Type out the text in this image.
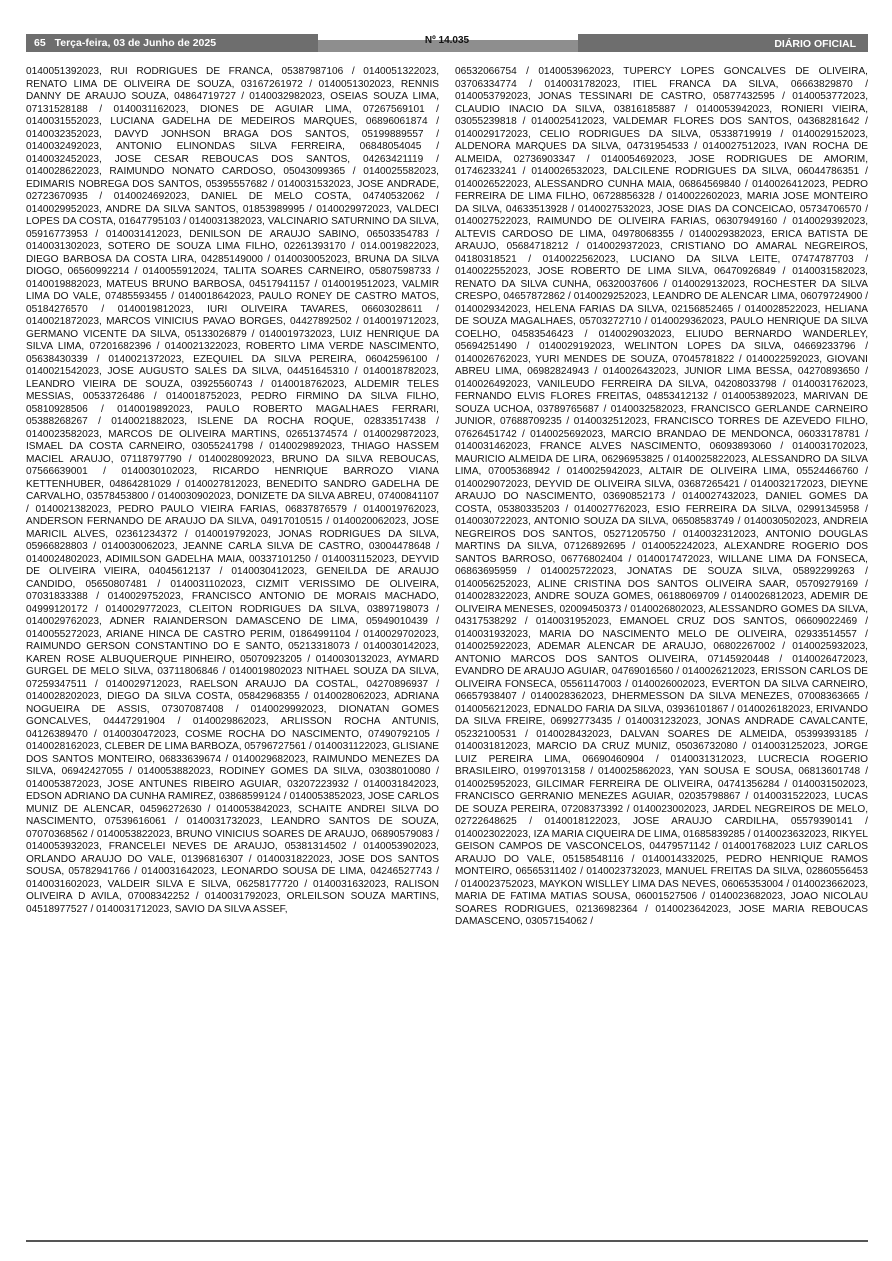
65 Terça-feira, 03 de Junho de 2025	Nº 14.035	DIÁRIO OFICIAL

0140051392023, RUI RODRIGUES DE FRANCA, 05387987106 / 0140051322023, RENATO LIMA DE OLIVEIRA DE SOUZA, 03167261972 / 0140051302023, RENNIS DANNY DE ARAUJO SOUZA, 04864719727 / 0140032982023, OSEIAS SOUZA LIMA, 07131528188 / 0140031162023, DIONES DE AGUIAR LIMA, 07267569101 / 0140031552023, LUCIANA GADELHA DE MEDEIROS MARQUES, 06896061874 / 0140032352023, DAVYD JONHSON BRAGA DOS SANTOS, 05199889557 / 0140032492023, ANTONIO ELINONDAS SILVA FERREIRA, 06848054045 / 0140032452023, JOSE CESAR REBOUCAS DOS SANTOS, 04263421119 / 0140028622023, RAIMUNDO NONATO CARDOSO, 05043099365 / 0140025582023, EDIMARIS NOBREGA DOS SANTOS, 05395557682 / 0140031532023, JOSE ANDRADE, 02723670935 / 0140024692023, DANIEL DE MELO COSTA, 04740532062 / 0140029952023, ANDRE DA SILVA SANTOS, 01853989995 / 0140029972023, VALDECI LOPES DA COSTA, 01647795103 / 0140031382023, VALCINARIO SATURNINO DA SILVA, 05916773953 / 0140031412023, DENILSON DE ARAUJO SABINO, 06503354783 / 0140031302023, SOTERO DE SOUZA LIMA FILHO, 02261393170 / 014.0019822023, DIEGO BARBOSA DA COSTA LIRA, 04285149000 / 0140030052023, BRUNA DA SILVA DIOGO, 06560992214 / 0140055912024, TALITA SOARES CARNEIRO, 05807598733 / 0140019882023, MATEUS BRUNO BARBOSA, 04517941157 / 0140019512023, VALMIR LIMA DO VALE, 07485593455 / 0140018642023, PAULO RONEY DE CASTRO MATOS, 05184276570 / 0140019812023, IURI OLIVEIRA TAVARES, 06603028611 / 0140021872023, MARCOS VINICIUS PAVAO BORGES, 04427892502 / 0140019712023, GERMANO VICENTE DA SILVA, 05133026879 / 0140019732023, LUIZ HENRIQUE DA SILVA LIMA, 07201682396 / 0140021322023, ROBERTO LIMA VERDE NASCIMENTO, 05638430339 / 0140021372023, EZEQUIEL DA SILVA PEREIRA, 06042596100 / 0140021542023, JOSE AUGUSTO SALES DA SILVA, 04451645310 / 0140018782023, LEANDRO VIEIRA DE SOUZA, 03925560743 / 0140018762023, ALDEMIR TELES MESSIAS, 00533726486 / 0140018752023, PEDRO FIRMINO DA SILVA FILHO, 05810928506 / 0140019892023, PAULO ROBERTO MAGALHAES FERRARI, 05388268267 / 0140021882023, ISLENE DA ROCHA ROQUE, 02833517438 / 0140023582023, MARCOS DE OLIVEIRA MARTINS, 02651374574 / 0140029872023, ISMAEL DA COSTA CARNEIRO, 03055241798 / 0140029892023, THIAGO HASSEM MACIEL ARAUJO, 07118797790 / 0140028092023, BRUNO DA SILVA REBOUCAS, 07566639001 / 0140030102023, RICARDO HENRIQUE BARROZO VIANA KETTENHUBER, 04864281029 / 0140027812023, BENEDITO SANDRO GADELHA DE CARVALHO, 03578453800 / 0140030902023, DONIZETE DA SILVA ABREU, 07400841107 / 0140021382023, PEDRO PAULO VIEIRA FARIAS, 06837876579 / 0140019762023, ANDERSON FERNANDO DE ARAUJO DA SILVA, 04917010515 / 0140020062023, JOSE MARICIL ALVES, 02361234372 / 0140019792023, JONAS RODRIGUES DA SILVA, 05966828803 / 0140030062023, JEANNE CARLA SILVA DE CASTRO, 03004478648 / 0140024802023, ADIMILSON GADELHA MAIA, 00337101250 / 0140031152023, DEYVID DE OLIVEIRA VIEIRA, 04045612137 / 0140030412023, GENEILDA DE ARAUJO CANDIDO, 05650807481 / 0140031102023, CIZMIT VERISSIMO DE OLIVEIRA, 07031833388 / 0140029752023, FRANCISCO ANTONIO DE MORAIS MACHADO, 04999120172 / 0140029772023, CLEITON RODRIGUES DA SILVA, 03897198073 / 0140029762023, ADNER RAIANDERSON DAMASCENO DE LIMA, 05949010439 / 0140055272023, ARIANE HINCA DE CASTRO PERIM, 01864991104 / 0140029702023, RAIMUNDO GERSON CONSTANTINO DO E SANTO, 05213318073 / 0140030142023, KAREN ROSE ALBUQUERQUE PINHEIRO, 05070923205 / 0140030132023, AYMARD GURGEL DE MELO SILVA, 03711806846 / 0140019802023 NITHAEL SOUZA DA SILVA, 07259347511 / 0140029712023, RAELSON ARAUJO DA COSTAL, 04270896937 / 0140028202023, DIEGO DA SILVA COSTA, 05842968355 / 0140028062023, ADRIANA NOGUEIRA DE ASSIS, 07307087408 / 0140029992023, DIONATAN GOMES GONCALVES, 04447291904 / 0140029862023, ARLISSON ROCHA ANTUNIS, 04126389470 / 0140030472023, COSME ROCHA DO NASCIMENTO, 07490792105 / 0140028162023, CLEBER DE LIMA BARBOZA, 05796727561 / 0140031122023, GLISIANE DOS SANTOS MONTEIRO, 06833639674 / 0140029682023, RAIMUNDO MENEZES DA SILVA, 06942427055 / 0140053882023, RODINEY GOMES DA SILVA, 03038010080 / 0140053872023, JOSE ANTUNES RIBEIRO AGUIAR, 03207223932 / 0140031842023, EDSON ADRIANO DA CUNHA RAMIREZ, 03868599124 / 0140053852023, JOSE CARLOS MUNIZ DE ALENCAR, 04596272630 / 0140053842023, SCHAITE ANDREI SILVA DO NASCIMENTO, 07539616061 / 0140031732023, LEANDRO SANTOS DE SOUZA, 07070368562 / 0140053822023, BRUNO VINICIUS SOARES DE ARAUJO, 06890579083 / 0140053932023, FRANCELEI NEVES DE ARAUJO, 05381314502 / 0140053902023, ORLANDO ARAUJO DO VALE, 01396816307 / 0140031822023, JOSE DOS SANTOS SOUSA, 05782941766 / 0140031642023, LEONARDO SOUSA DE LIMA, 04246527743 / 0140031602023, VALDEIR SILVA E SILVA, 06258177720 / 0140031632023, RALISON OLIVEIRA D AVILA, 07008342252 / 0140031792023, ORLEILSON SOUZA MARTINS, 04518977527 / 0140031712023, SAVIO DA SILVA ASSEF,

06532066754 / 0140053962023, TUPERCY LOPES GONCALVES DE OLIVEIRA, 03706334774 / 0140031782023, ITIEL FRANCA DA SILVA, 06663829870 / 0140053792023, JONAS TESSINARI DE CASTRO, 05877432595 / 0140053772023, CLAUDIO INACIO DA SILVA, 03816185887 / 0140053942023, RONIERI VIEIRA, 03055239818 / 0140025412023, VALDEMAR FLORES DOS SANTOS, 04368281642 / 0140029172023, CELIO RODRIGUES DA SILVA, 05338719919 / 0140029152023, ALDENORA MARQUES DA SILVA, 04731954533 / 0140027512023, IVAN ROCHA DE ALMEIDA, 02736903347 / 0140054692023, JOSE RODRIGUES DE AMORIM, 01746233241 / 0140026532023, DALCILENE RODRIGUES DA SILVA, 06044786351 / 0140026522023, ALESSANDRO CUNHA MAIA, 06864569840 / 0140026412023, PEDRO FERREIRA DE LIMA FILHO, 06728856328 / 0140022602023, MARIA JOSE MONTEIRO DA SILVA, 04633513928 / 0140027532023, JOSE DIAS DA CONCEICAO, 05734706570 / 0140027522023, RAIMUNDO DE OLIVEIRA FARIAS, 06307949160 / 0140029392023, ALTEVIS CARDOSO DE LIMA, 04978068355 / 0140029382023, ERICA BATISTA DE ARAUJO, 05684718212 / 0140029372023, CRISTIANO DO AMARAL NEGREIROS, 04180318521 / 0140022562023, LUCIANO DA SILVA LEITE, 07474787703 / 0140022552023, JOSE ROBERTO DE LIMA SILVA, 06470926849 / 0140031582023, RENATO DA SILVA CUNHA, 06320037606 / 0140029132023, ROCHESTER DA SILVA CRESPO, 04657872862 / 0140029252023, LEANDRO DE ALENCAR LIMA, 06079724900 / 0140029342023, HELENA FARIAS DA SILVA, 02156852465 / 0140028522023, HELIANA DE SOUZA MAGALHAES, 05703272710 / 0140029362023, PAULO HENRIQUE DA SILVA COELHO, 04583546423 / 0140029032023, ELIUDO BERNARDO WANDERLEY, 05694251490 / 0140029192023, WELINTON LOPES DA SILVA, 04669233796 / 0140026762023, YURI MENDES DE SOUZA, 07045781822 / 0140022592023, GIOVANI ABREU LIMA, 06982824943 / 0140026432023, JUNIOR LIMA BESSA, 04270893650 / 0140026492023, VANILEUDO FERREIRA DA SILVA, 04208033798 / 0140031762023, FERNANDO ELVIS FLORES FREITAS, 04853412132 / 0140053892023, MARIVAN DE SOUZA UCHOA, 03789765687 / 0140032582023, FRANCISCO GERLANDE CARNEIRO JUNIOR, 07688709235 / 0140032512023, FRANCISCO TORRES DE AZEVEDO FILHO, 07626451742 / 0140025692023, MARCIO BRANDAO DE MENDONCA, 06033178781 / 0140031462023, FRANCE ALVES NASCIMENTO, 06093893060 / 0140031702023, MAURICIO ALMEIDA DE LIRA, 06296953825 / 0140025822023, ALESSANDRO DA SILVA LIMA, 07005368942 / 0140025942023, ALTAIR DE OLIVEIRA LIMA, 05524466760 / 0140029072023, DEYVID DE OLIVEIRA SILVA, 03687265421 / 0140032172023, DIEYNE ARAUJO DO NASCIMENTO, 03690852173 / 0140027432023, DANIEL GOMES DA COSTA, 05380335203 / 0140027762023, ESIO FERREIRA DA SILVA, 02991345958 / 0140030722023, ANTONIO SOUZA DA SILVA, 06508583749 / 0140030502023, ANDREIA NEGREIROS DOS SANTOS, 05271205750 / 0140032312023, ANTONIO DOUGLAS MARTINS DA SILVA, 07126892695 / 0140052242023, ALEXANDRE ROGERIO DOS SANTOS BARROSO, 06776802404 / 0140017472023, WILLANE LIMA DA FONSECA, 06863695959 / 0140025722023, JONATAS DE SOUZA SILVA, 05892299263 / 0140056252023, ALINE CRISTINA DOS SANTOS OLIVEIRA SAAR, 05709279169 / 0140028322023, ANDRE SOUZA GOMES, 06188069709 / 0140026812023, ADEMIR DE OLIVEIRA MENESES, 02009450373 / 0140026802023, ALESSANDRO GOMES DA SILVA, 04317538292 / 0140031952023, EMANOEL CRUZ DOS SANTOS, 06609022469 / 0140031932023, MARIA DO NASCIMENTO MELO DE OLIVEIRA, 02933514557 / 0140025922023, ADEMAR ALENCAR DE ARAUJO, 06802267002 / 0140025932023, ANTONIO MARCOS DOS SANTOS OLIVEIRA, 07145920448 / 0140026472023, EVANDRO DE ARAUJO AGUIAR, 04769016560 / 0140026212023, ERISSON CARLOS DE OLIVEIRA FONSECA, 05561147003 / 0140026002023, EVERTON DA SILVA CARNEIRO, 06657938407 / 0140028362023, DHERMESSON DA SILVA MENEZES, 07008363665 / 0140056212023, EDNALDO FARIA DA SILVA, 03936101867 / 0140026182023, ERIVANDO DA SILVA FREIRE, 06992773435 / 0140031232023, JONAS ANDRADE CAVALCANTE, 05232100531 / 0140028432023, DALVAN SOARES DE ALMEIDA, 05399393185 / 0140031812023, MARCIO DA CRUZ MUNIZ, 05036732080 / 0140031252023, JORGE LUIZ PEREIRA LIMA, 06690460904 / 0140031312023, LUCRECIA ROGERIO BRASILEIRO, 01997013158 / 0140025862023, YAN SOUSA E SOUSA, 06813601748 / 0140025952023, GILCIMAR FERREIRA DE OLIVEIRA, 04741356284 / 0140031502023, FRANCISCO GERRANIO MENEZES AGUIAR, 02035798867 / 0140031522023, LUCAS DE SOUZA PEREIRA, 07208373392 / 0140023002023, JARDEL NEGREIROS DE MELO, 02722648625 / 0140018122023, JOSE ARAUJO CARDILHA, 05579390141 / 0140023022023, IZA MARIA CIQUEIRA DE LIMA, 01685839285 / 0140023632023, RIKYEL GEISON CAMPOS DE VASCONCELOS, 04479571142 / 0140017682023 LUIZ CARLOS ARAUJO DO VALE, 05158548116 / 0140014332025, PEDRO HENRIQUE RAMOS MONTEIRO, 06565311402 / 0140023732023, MANUEL FREITAS DA SILVA, 02860556453 / 0140023752023, MAYKON WISLLEY LIMA DAS NEVES, 06065353004 / 0140023662023, MARIA DE FATIMA MATIAS SOUSA, 06001527506 / 0140023682023, JOAO NICOLAU SOARES RODRIGUES, 02136982364 / 0140023642023, JOSE MARIA REBOUCAS DAMASCENO, 03057154062 /
